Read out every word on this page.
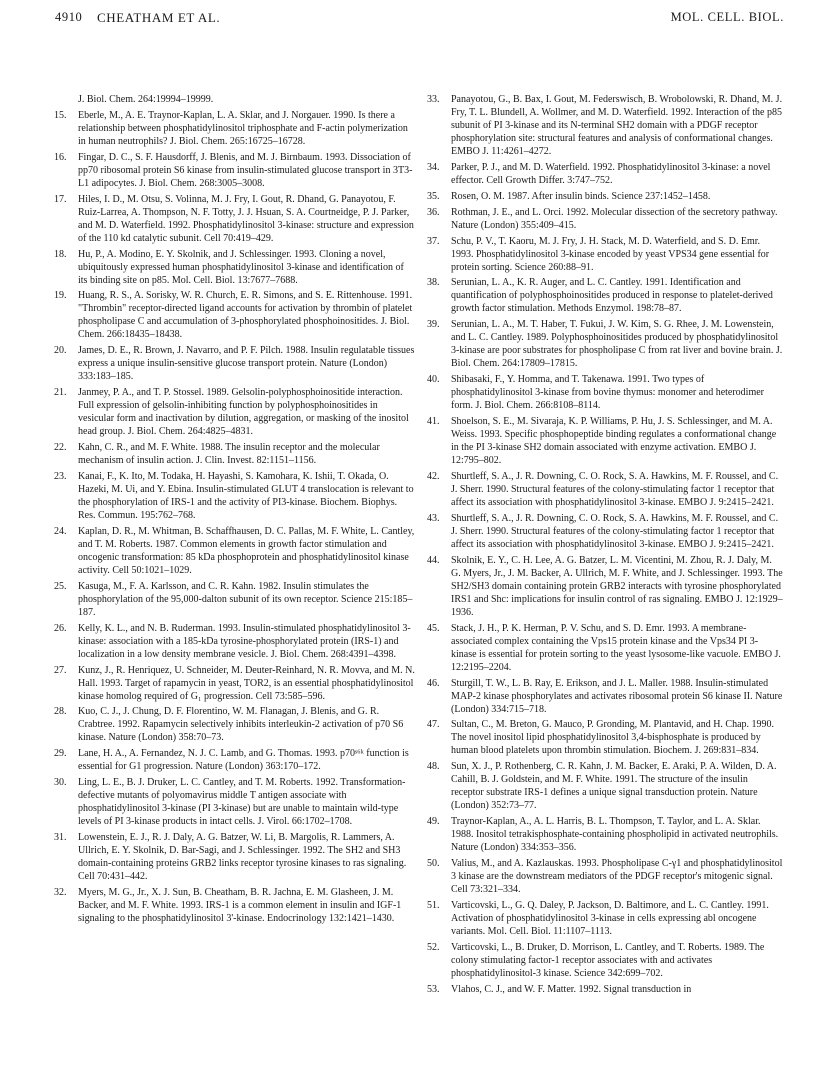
4910 CHEATHAM ET AL.	MOL. CELL. BIOL.
J. Biol. Chem. 264:19994–19999.
15. Eberle, M., A. E. Traynor-Kaplan, L. A. Sklar, and J. Norgauer. 1990. Is there a relationship between phosphatidylinositol triphosphate and F-actin polymerization in human neutrophils? J. Biol. Chem. 265:16725–16728.
16. Fingar, D. C., S. F. Hausdorff, J. Blenis, and M. J. Birnbaum. 1993. Dissociation of pp70 ribosomal protein S6 kinase from insulin-stimulated glucose transport in 3T3-L1 adipocytes. J. Biol. Chem. 268:3005–3008.
17. Hiles, I. D., M. Otsu, S. Volinna, M. J. Fry, I. Gout, R. Dhand, G. Panayotou, F. Ruiz-Larrea, A. Thompson, N. F. Totty, J. J. Hsuan, S. A. Courtneidge, P. J. Parker, and M. D. Waterfield. 1992. Phosphatidylinositol 3-kinase: structure and expression of the 110 kd catalytic subunit. Cell 70:419–429.
18. Hu, P., A. Modino, E. Y. Skolnik, and J. Schlessinger. 1993. Cloning a novel, ubiquitously expressed human phosphatidylinositol 3-kinase and identification of its binding site on p85. Mol. Cell. Biol. 13:7677–7688.
19. Huang, R. S., A. Sorisky, W. R. Church, E. R. Simons, and S. E. Rittenhouse. 1991. "Thrombin" receptor-directed ligand accounts for activation by thrombin of platelet phospholipase C and accumulation of 3-phosphorylated phosphoinositides. J. Biol. Chem. 266:18435–18438.
20. James, D. E., R. Brown, J. Navarro, and P. F. Pilch. 1988. Insulin regulatable tissues express a unique insulin-sensitive glucose transport protein. Nature (London) 333:183–185.
21. Janmey, P. A., and T. P. Stossel. 1989. Gelsolin-polyphosphoinositide interaction. Full expression of gelsolin-inhibiting function by polyphosphoinositides in vesicular form and inactivation by dilution, aggregation, or masking of the inositol head group. J. Biol. Chem. 264:4825–4831.
22. Kahn, C. R., and M. F. White. 1988. The insulin receptor and the molecular mechanism of insulin action. J. Clin. Invest. 82:1151–1156.
23. Kanai, F., K. Ito, M. Todaka, H. Hayashi, S. Kamohara, K. Ishii, T. Okada, O. Hazeki, M. Ui, and Y. Ebina. Insulin-stimulated GLUT 4 translocation is relevant to the phosphorylation of IRS-1 and the activity of PI3-kinase. Biochem. Biophys. Res. Commun. 195:762–768.
24. Kaplan, D. R., M. Whitman, B. Schaffhausen, D. C. Pallas, M. F. White, L. Cantley, and T. M. Roberts. 1987. Common elements in growth factor stimulation and oncogenic transformation: 85 kDa phosphoprotein and phosphatidylinositol kinase activity. Cell 50:1021–1029.
25. Kasuga, M., F. A. Karlsson, and C. R. Kahn. 1982. Insulin stimulates the phosphorylation of the 95,000-dalton subunit of its own receptor. Science 215:185–187.
26. Kelly, K. L., and N. B. Ruderman. 1993. Insulin-stimulated phosphatidylinositol 3-kinase: association with a 185-kDa tyrosine-phosphorylated protein (IRS-1) and localization in a low density membrane vesicle. J. Biol. Chem. 268:4391–4398.
27. Kunz, J., R. Henriquez, U. Schneider, M. Deuter-Reinhard, N. R. Movva, and M. N. Hall. 1993. Target of rapamycin in yeast, TOR2, is an essential phosphatidylinositol kinase homolog required of G₁ progression. Cell 73:585–596.
28. Kuo, C. J., J. Chung, D. F. Florentino, W. M. Flanagan, J. Blenis, and G. R. Crabtree. 1992. Rapamycin selectively inhibits interleukin-2 activation of p70 S6 kinase. Nature (London) 358:70–73.
29. Lane, H. A., A. Fernandez, N. J. C. Lamb, and G. Thomas. 1993. p70ˢ⁶ᵏ function is essential for G1 progression. Nature (London) 363:170–172.
30. Ling, L. E., B. J. Druker, L. C. Cantley, and T. M. Roberts. 1992. Transformation-defective mutants of polyomavirus middle T antigen associate with phosphatidylinositol 3-kinase (PI 3-kinase) but are unable to maintain wild-type levels of PI 3-kinase products in intact cells. J. Virol. 66:1702–1708.
31. Lowenstein, E. J., R. J. Daly, A. G. Batzer, W. Li, B. Margolis, R. Lammers, A. Ullrich, E. Y. Skolnik, D. Bar-Sagi, and J. Schlessinger. 1992. The SH2 and SH3 domain-containing proteins GRB2 links receptor tyrosine kinases to ras signaling. Cell 70:431–442.
32. Myers, M. G., Jr., X. J. Sun, B. Cheatham, B. R. Jachna, E. M. Glasheen, J. M. Backer, and M. F. White. 1993. IRS-1 is a common element in insulin and IGF-1 signaling to the phosphatidylinositol 3'-kinase. Endocrinology 132:1421–1430.
33. Panayotou, G., B. Bax, I. Gout, M. Federswisch, B. Wrobolowski, R. Dhand, M. J. Fry, T. L. Blundell, A. Wollmer, and M. D. Waterfield. 1992. Interaction of the p85 subunit of PI 3-kinase and its N-terminal SH2 domain with a PDGF receptor phosphorylation site: structural features and analysis of conformational changes. EMBO J. 11:4261–4272.
34. Parker, P. J., and M. D. Waterfield. 1992. Phosphatidylinositol 3-kinase: a novel effector. Cell Growth Differ. 3:747–752.
35. Rosen, O. M. 1987. After insulin binds. Science 237:1452–1458.
36. Rothman, J. E., and L. Orci. 1992. Molecular dissection of the secretory pathway. Nature (London) 355:409–415.
37. Schu, P. V., T. Kaoru, M. J. Fry, J. H. Stack, M. D. Waterfield, and S. D. Emr. 1993. Phosphatidylinositol 3-kinase encoded by yeast VPS34 gene essential for protein sorting. Science 260:88–91.
38. Serunian, L. A., K. R. Auger, and L. C. Cantley. 1991. Identification and quantification of polyphosphoinositides produced in response to platelet-derived growth factor stimulation. Methods Enzymol. 198:78–87.
39. Serunian, L. A., M. T. Haber, T. Fukui, J. W. Kim, S. G. Rhee, J. M. Lowenstein, and L. C. Cantley. 1989. Polyphosphoinositides produced by phosphatidylinositol 3-kinase are poor substrates for phospholipase C from rat liver and bovine brain. J. Biol. Chem. 264:17809–17815.
40. Shibasaki, F., Y. Homma, and T. Takenawa. 1991. Two types of phosphatidylinositol 3-kinase from bovine thymus: monomer and heterodimer form. J. Biol. Chem. 266:8108–8114.
41. Shoelson, S. E., M. Sivaraja, K. P. Williams, P. Hu, J. S. Schlessinger, and M. A. Weiss. 1993. Specific phosphopeptide binding regulates a conformational change in the PI 3-kinase SH2 domain associated with enzyme activation. EMBO J. 12:795–802.
42. Shurtleff, S. A., J. R. Downing, C. O. Rock, S. A. Hawkins, M. F. Roussel, and C. J. Sherr. 1990. Structural features of the colony-stimulating factor 1 receptor that affect its association with phosphatidylinositol 3-kinase. EMBO J. 9:2415–2421.
43. Shurtleff, S. A., J. R. Downing, C. O. Rock, S. A. Hawkins, M. F. Roussel, and C. J. Sherr. 1990. Structural features of the colony-stimulating factor 1 receptor that affect its association with phosphatidylinositol 3-kinase. EMBO J. 9:2415–2421.
44. Skolnik, E. Y., C. H. Lee, A. G. Batzer, L. M. Vicentini, M. Zhou, R. J. Daly, M. G. Myers, Jr., J. M. Backer, A. Ullrich, M. F. White, and J. Schlessinger. 1993. The SH2/SH3 domain containing protein GRB2 interacts with tyrosine phosphorylated IRS1 and Shc: implications for insulin control of ras signaling. EMBO J. 12:1929–1936.
45. Stack, J. H., P. K. Herman, P. V. Schu, and S. D. Emr. 1993. A membrane-associated complex containing the Vps15 protein kinase and the Vps34 PI 3-kinase is essential for protein sorting to the yeast lysosome-like vacuole. EMBO J. 12:2195–2204.
46. Sturgill, T. W., L. B. Ray, E. Erikson, and J. L. Maller. 1988. Insulin-stimulated MAP-2 kinase phosphorylates and activates ribosomal protein S6 kinase II. Nature (London) 334:715–718.
47. Sultan, C., M. Breton, G. Mauco, P. Gronding, M. Plantavid, and H. Chap. 1990. The novel inositol lipid phosphatidylinositol 3,4-bisphosphate is produced by human blood platelets upon thrombin stimulation. Biochem. J. 269:831–834.
48. Sun, X. J., P. Rothenberg, C. R. Kahn, J. M. Backer, E. Araki, P. A. Wilden, D. A. Cahill, B. J. Goldstein, and M. F. White. 1991. The structure of the insulin receptor substrate IRS-1 defines a unique signal transduction protein. Nature (London) 352:73–77.
49. Traynor-Kaplan, A., A. L. Harris, B. L. Thompson, T. Taylor, and L. A. Sklar. 1988. Inositol tetrakisphosphate-containing phospholipid in activated neutrophils. Nature (London) 334:353–356.
50. Valius, M., and A. Kazlauskas. 1993. Phospholipase C-γ1 and phosphatidylinositol 3 kinase are the downstream mediators of the PDGF receptor's mitogenic signal. Cell 73:321–334.
51. Varticovski, L., G. Q. Daley, P. Jackson, D. Baltimore, and L. C. Cantley. 1991. Activation of phosphatidylinositol 3-kinase in cells expressing abl oncogene variants. Mol. Cell. Biol. 11:1107–1113.
52. Varticovski, L., B. Druker, D. Morrison, L. Cantley, and T. Roberts. 1989. The colony stimulating factor-1 receptor associates with and activates phosphatidylinositol-3 kinase. Science 342:699–702.
53. Vlahos, C. J., and W. F. Matter. 1992. Signal transduction in
